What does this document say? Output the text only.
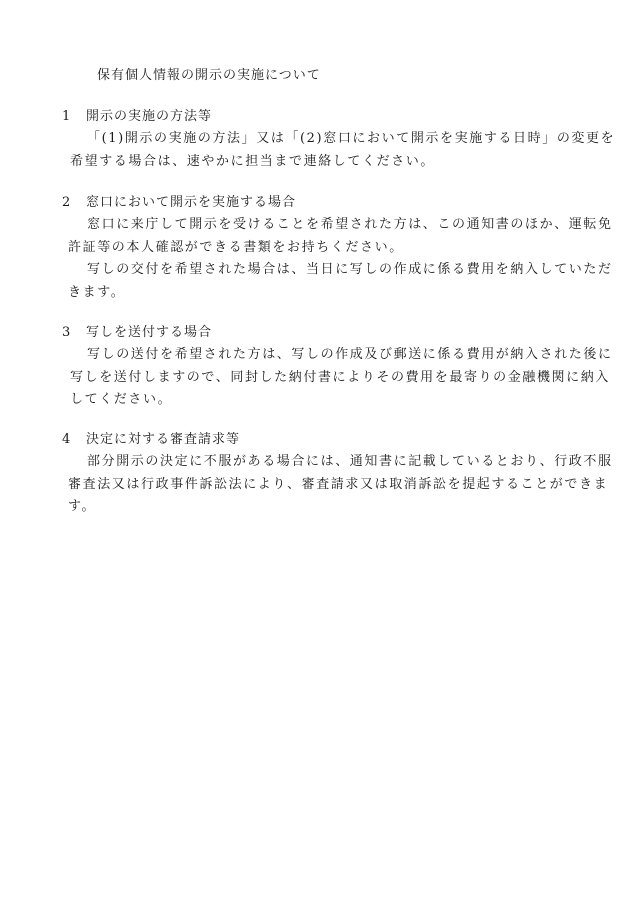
保有個人情報の開示の実施について
1 開示の実施の方法等
「(1)開示の実施の方法」又は「(2)窓口において開示を実施する日時」の変更を
希望する場合は、速やかに担当まで連絡してください。
2 窓口において開示を実施する場合
窓口に来庁して開示を受けることを希望された方は、この通知書のほか、運転免
許証等の本人確認ができる書類をお持ちください。
写しの交付を希望された場合は、当日に写しの作成に係る費用を納入していただ
きます。
3 写しを送付する場合
写しの送付を希望された方は、写しの作成及び郵送に係る費用が納入された後に
写しを送付しますので、同封した納付書によりその費用を最寄りの金融機関に納入
してください。
4 決定に対する審査請求等
部分開示の決定に不服がある場合には、通知書に記載しているとおり、行政不服
審査法又は行政事件訴訟法により、審査請求又は取消訴訟を提起することができま
す。
